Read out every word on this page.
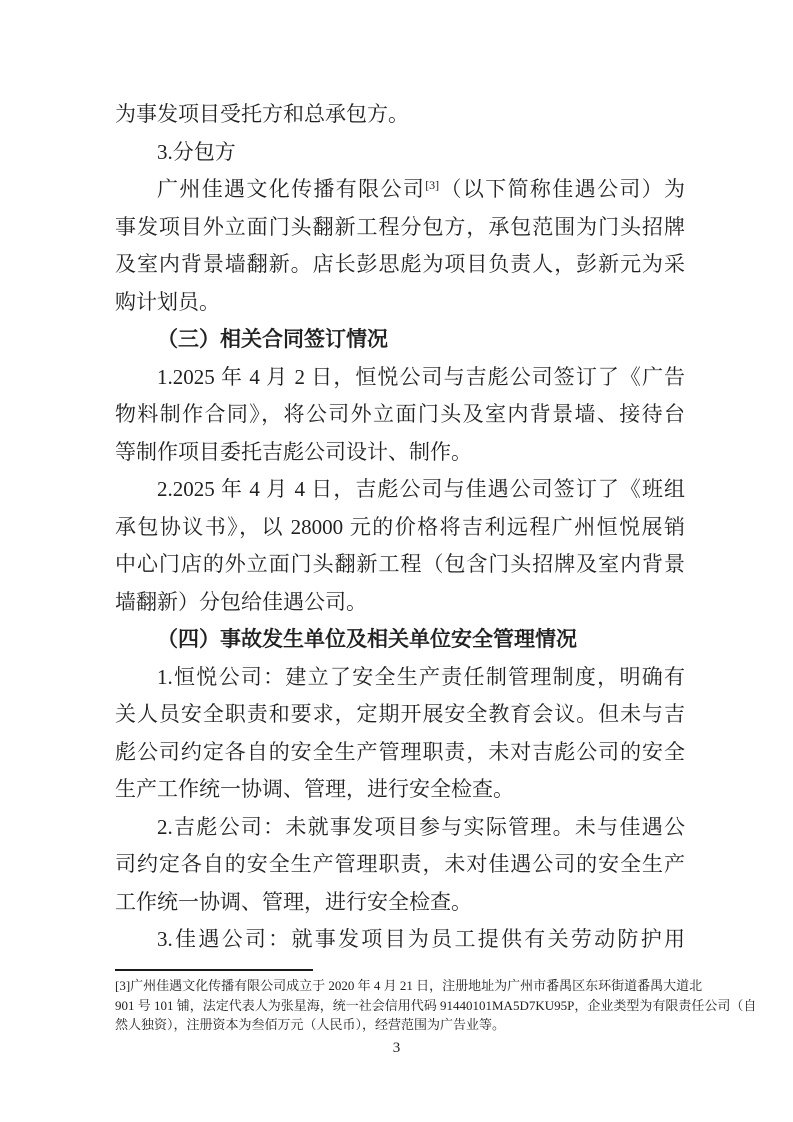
为事发项目受托方和总承包方。
3.分包方
广州佳遇文化传播有限公司[3]（以下简称佳遇公司）为
事发项目外立面门头翻新工程分包方，承包范围为门头招牌
及室内背景墙翻新。店长彭思彪为项目负责人，彭新元为采
购计划员。
（三）相关合同签订情况
1.2025 年 4 月 2 日，恒悦公司与吉彪公司签订了《广告
物料制作合同》，将公司外立面门头及室内背景墙、接待台
等制作项目委托吉彪公司设计、制作。
2.2025 年 4 月 4 日，吉彪公司与佳遇公司签订了《班组
承包协议书》，以 28000 元的价格将吉利远程广州恒悦展销
中心门店的外立面门头翻新工程（包含门头招牌及室内背景
墙翻新）分包给佳遇公司。
（四）事故发生单位及相关单位安全管理情况
1.恒悦公司：建立了安全生产责任制管理制度，明确有
关人员安全职责和要求，定期开展安全教育会议。但未与吉
彪公司约定各自的安全生产管理职责，未对吉彪公司的安全
生产工作统一协调、管理，进行安全检查。
2.吉彪公司：未就事发项目参与实际管理。未与佳遇公
司约定各自的安全生产管理职责，未对佳遇公司的安全生产
工作统一协调、管理，进行安全检查。
3.佳遇公司：就事发项目为员工提供有关劳动防护用
[3]广州佳遇文化传播有限公司成立于 2020 年 4 月 21 日，注册地址为广州市番禺区东环街道番禺大道北
901 号 101 铺，法定代表人为张星海，统一社会信用代码 91440101MA5D7KU95P，企业类型为有限责任公司（自
然人独资），注册资本为叁佰万元（人民币），经营范围为广告业等。
3
